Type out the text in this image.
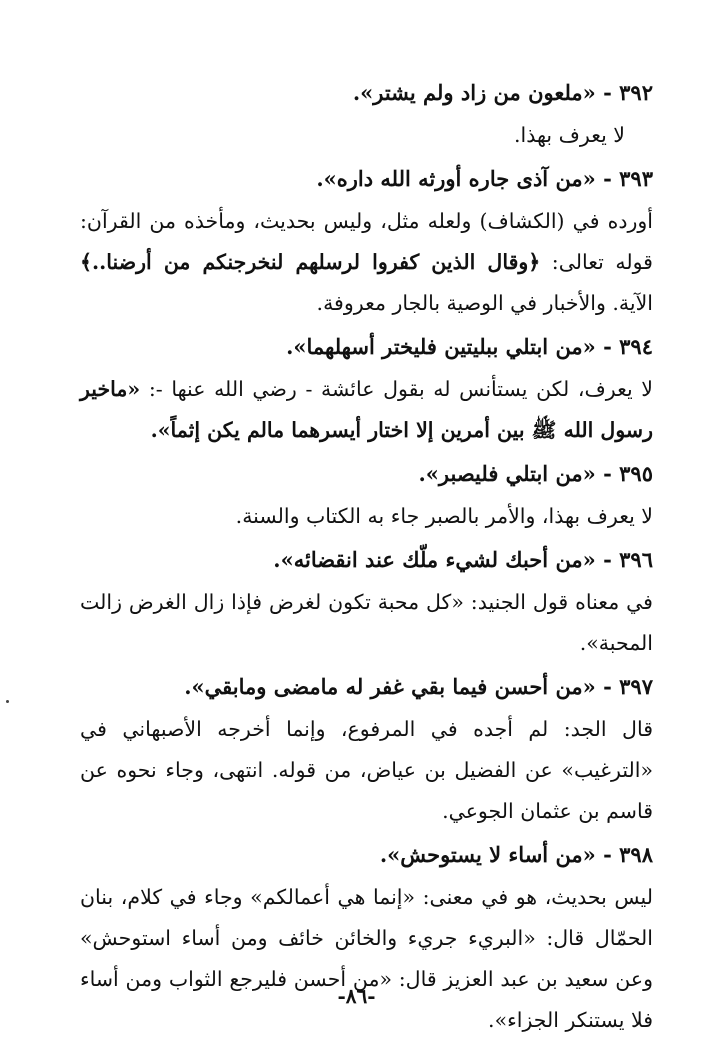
٣٩٢ - «ملعون من زاد ولم يشتر».

لا يعرف بهذا.

٣٩٣ - «من آذى جاره أورثه الله داره».

أورده في (الكشاف) ولعله مثل، وليس بحديث، ومأخذه من القرآن: قوله تعالى: ﴿وقال الذين كفروا لرسلهم لنخرجنكم من أرضنا..﴾ الآية. والأخبار في الوصية بالجار معروفة.

٣٩٤ - «من ابتلي ببليتين فليختر أسهلهما».

لا يعرف، لكن يستأنس له بقول عائشة - رضي الله عنها -: «ماخير رسول الله ﷺ بين أمرين إلا اختار أيسرهما مالم يكن إثماً».

٣٩٥ - «من ابتلي فليصبر».

لا يعرف بهذا، والأمر بالصبر جاء به الكتاب والسنة.

٣٩٦ - «من أحبك لشيء ملّك عند انقضائه».

في معناه قول الجنيد: «كل محبة تكون لغرض فإذا زال الغرض زالت المحبة».

٣٩٧ - «من أحسن فيما بقي غفر له مامضى ومابقي».

قال الجد: لم أجده في المرفوع، وإنما أخرجه الأصبهاني في «الترغيب» عن الفضيل بن عياض، من قوله. انتهى، وجاء نحوه عن قاسم بن عثمان الجوعي.

٣٩٨ - «من أساء لا يستوحش».

ليس بحديث، هو في معنى: «إنما هي أعمالكم» وجاء في كلام، بنان الحمّال قال: «البريء جريء والخائن خائف ومن أساء استوحش» وعن سعيد بن عبد العزيز قال: «من أحسن فليرجع الثواب ومن أساء فلا يستنكر الجزاء».

-٨٦-
